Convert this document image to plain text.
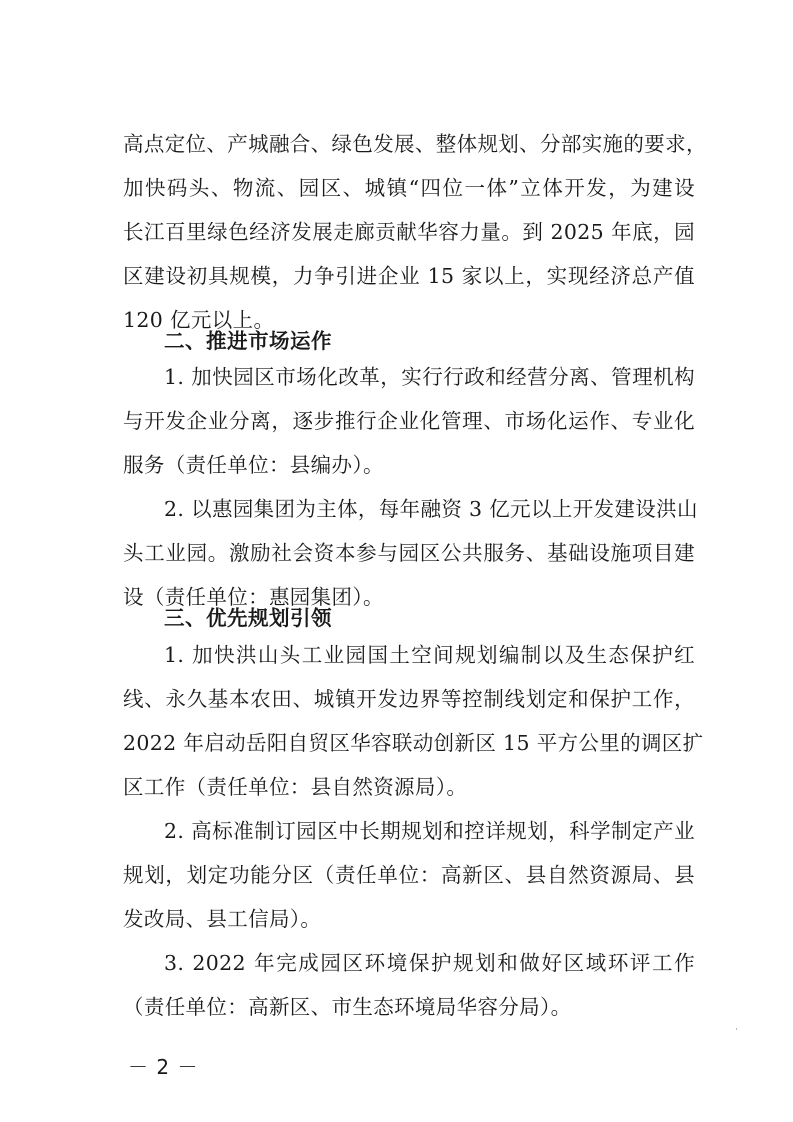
高点定位、产城融合、绿色发展、整体规划、分部实施的要求，
加快码头、物流、园区、城镇“四位一体”立体开发，为建设
长江百里绿色经济发展走廊贡献华容力量。到 2025 年底，园
区建设初具规模，力争引进企业 15 家以上，实现经济总产值
120 亿元以上。
二、推进市场运作
1. 加快园区市场化改革，实行行政和经营分离、管理机构
与开发企业分离，逐步推行企业化管理、市场化运作、专业化
服务（责任单位：县编办）。
2. 以惠园集团为主体，每年融资 3 亿元以上开发建设洪山
头工业园。激励社会资本参与园区公共服务、基础设施项目建
设（责任单位：惠园集团）。
三、优先规划引领
1. 加快洪山头工业园国土空间规划编制以及生态保护红
线、永久基本农田、城镇开发边界等控制线划定和保护工作，
2022 年启动岳阳自贸区华容联动创新区 15 平方公里的调区扩
区工作（责任单位：县自然资源局）。
2. 高标准制订园区中长期规划和控详规划，科学制定产业
规划，划定功能分区（责任单位：高新区、县自然资源局、县
发改局、县工信局）。
3. 2022 年完成园区环境保护规划和做好区域环评工作
（责任单位：高新区、市生态环境局华容分局）。
－ 2 －
